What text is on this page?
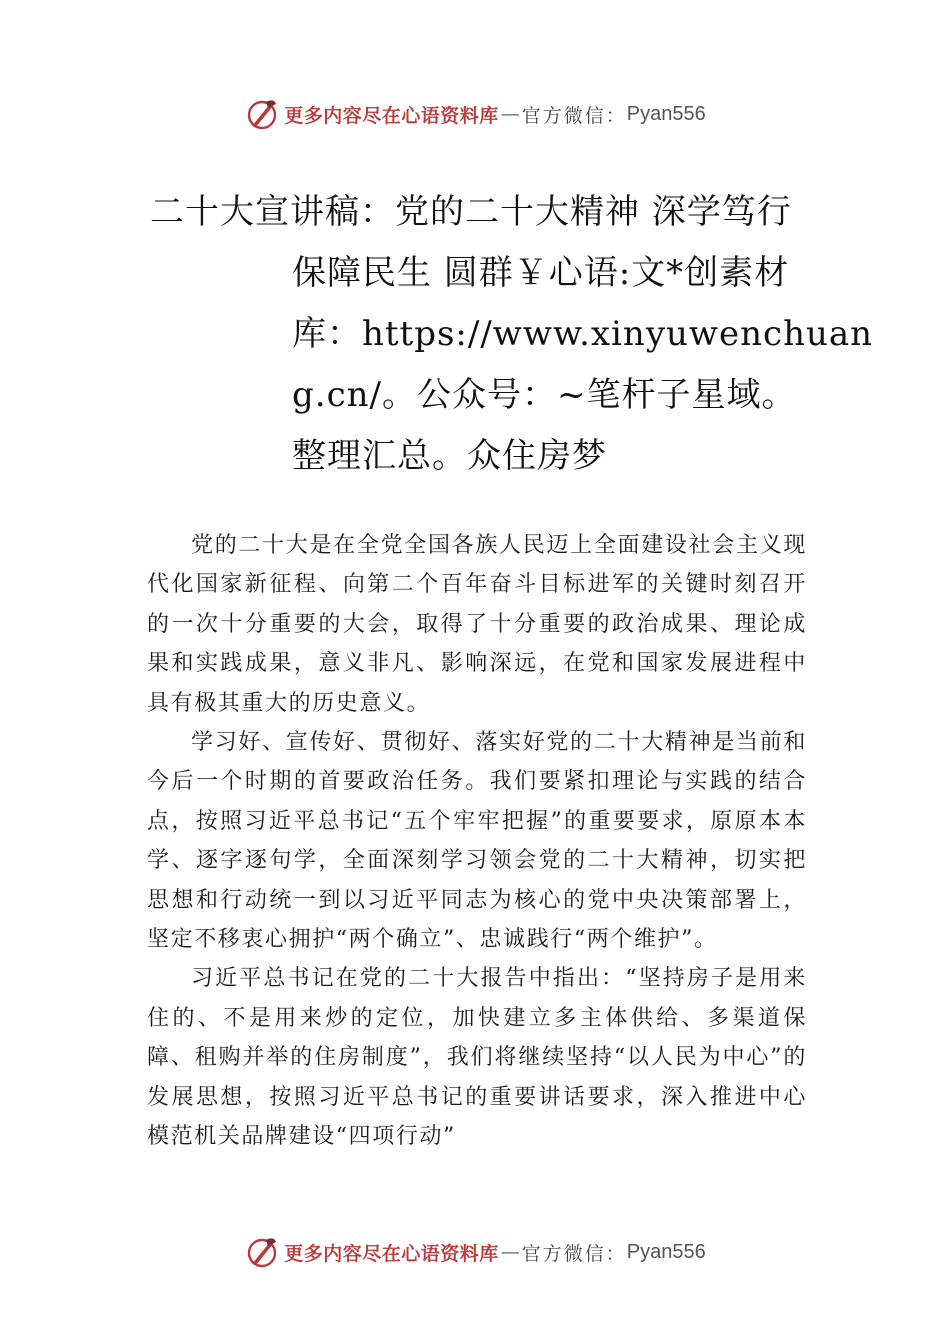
更多内容尽在心语资料库 — 官方微信： Pyan556
二十大宣讲稿：党的二十大精神 深学笃行
保障民生 圆群￥心语:文*创素材
库：https://www.xinyuwenchuan
g.cn/。公众号：~笔杆子星域。
整理汇总。众住房梦

党的二十大是在全党全国各族人民迈上全面建设社会主义现代化国家新征程、向第二个百年奋斗目标进军的关键时刻召开的一次十分重要的大会，取得了十分重要的政治成果、理论成果和实践成果，意义非凡、影响深远，在党和国家发展进程中具有极其重大的历史意义。

学习好、宣传好、贯彻好、落实好党的二十大精神是当前和今后一个时期的首要政治任务。我们要紧扣理论与实践的结合点，按照习近平总书记“五个牢牢把握”的重要要求，原原本本学、逐字逐句学，全面深刻学习领会党的二十大精神，切实把思想和行动统一到以习近平同志为核心的党中央决策部署上，坚定不移衷心拥护“两个确立”、忠诚践行“两个维护”。

习近平总书记在党的二十大报告中指出：“坚持房子是用来住的、不是用来炒的定位，加快建立多主体供给、多渠道保障、租购并举的住房制度”，我们将继续坚持“以人民为中心”的发展思想，按照习近平总书记的重要讲话要求，深入推进中心模范机关品牌建设“四项行动”

更多内容尽在心语资料库 — 官方微信： Pyan556
